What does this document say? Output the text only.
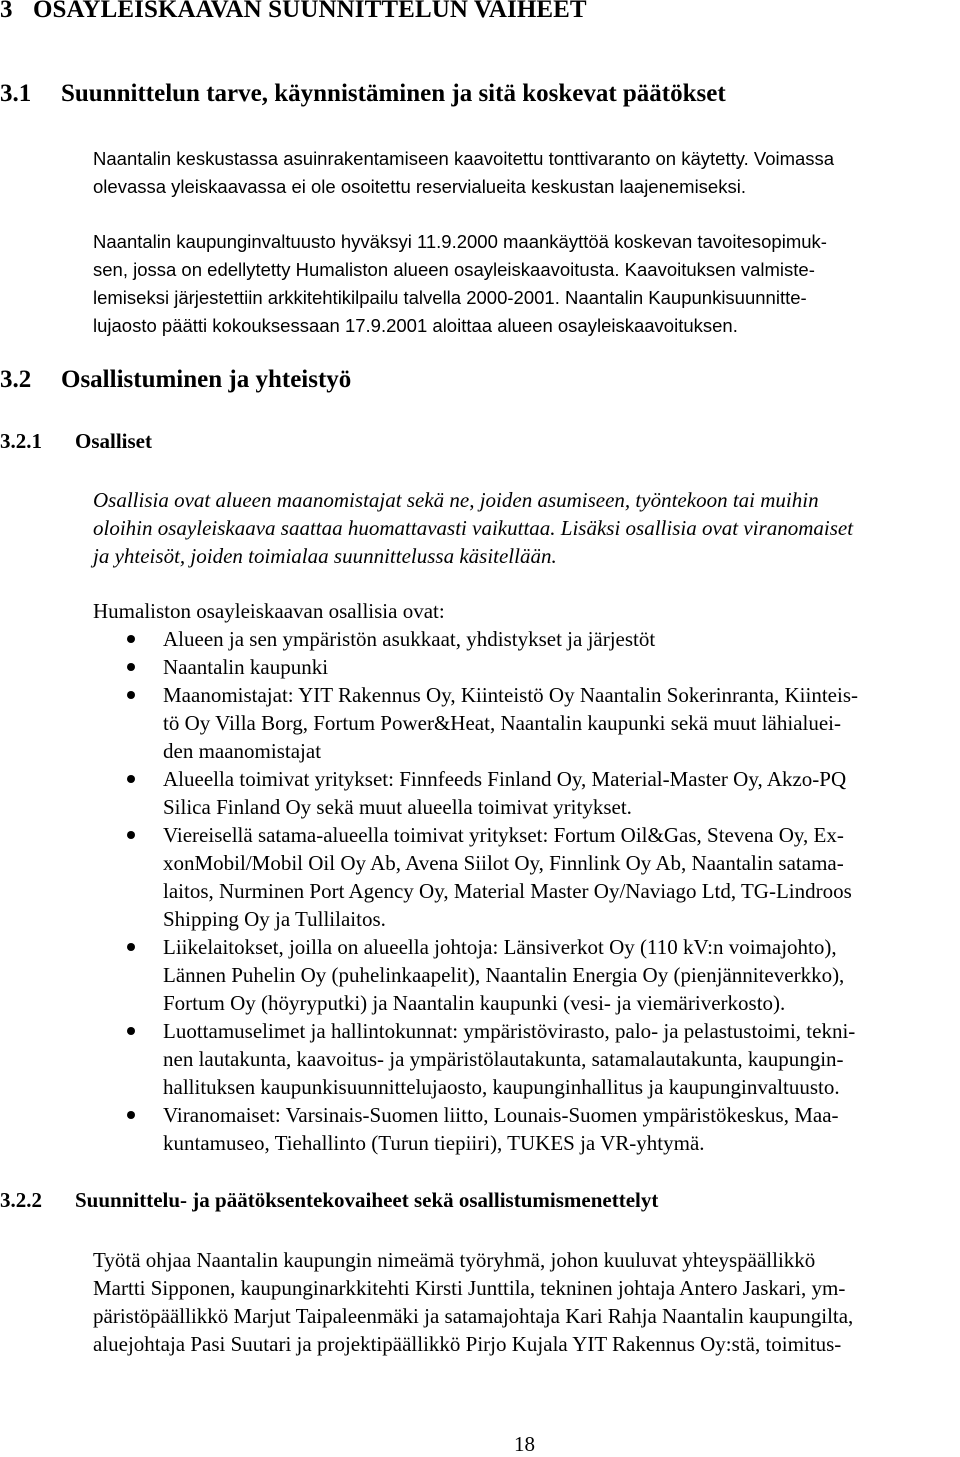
3 OSAYLEISKAAVAN SUUNNITTELUN VAIHEET
3.1 Suunnittelun tarve, käynnistäminen ja sitä koskevat päätökset
Naantalin keskustassa asuinrakentamiseen kaavoitettu tonttivaranto on käytetty. Voimassa
olevassa yleiskaavassa ei ole osoitettu reservialueita keskustan laajenemiseksi.
Naantalin kaupunginvaltuusto hyväksyi 11.9.2000 maankäyttöä koskevan tavoitesopimuk-
sen, jossa on edellytetty Humaliston alueen osayleiskaavoitusta. Kaavoituksen valmiste-
lemiseksi järjestettiin arkkitehtikilpailu talvella 2000-2001. Naantalin Kaupunkisuunnitte-
lujaosto päätti kokouksessaan 17.9.2001 aloittaa alueen osayleiskaavoituksen.
3.2 Osallistuminen ja yhteistyö
3.2.1 Osalliset
Osallisia ovat alueen maanomistajat sekä ne, joiden asumiseen, työntekoon tai muihin
oloihin osayleiskaava saattaa huomattavasti vaikuttaa. Lisäksi osallisia ovat viranomaiset
ja yhteisöt, joiden toimialaa suunnittelussa käsitellään.
Humaliston osayleiskaavan osallisia ovat:
Alueen ja sen ympäristön asukkaat, yhdistykset ja järjestöt
Naantalin kaupunki
Maanomistajat: YIT Rakennus Oy, Kiinteistö Oy Naantalin Sokerinranta, Kiinteis-
tö Oy Villa Borg, Fortum Power&Heat, Naantalin kaupunki sekä muut lähialuei-
den maanomistajat
Alueella toimivat yritykset: Finnfeeds Finland Oy, Material-Master Oy, Akzo-PQ
Silica Finland Oy sekä muut alueella toimivat yritykset.
Viereisellä satama-alueella toimivat yritykset: Fortum Oil&Gas, Stevena Oy, Ex-
xonMobil/Mobil Oil Oy Ab, Avena Siilot Oy, Finnlink Oy Ab, Naantalin satama-
laitos, Nurminen Port Agency Oy, Material Master Oy/Naviago Ltd, TG-Lindroos
Shipping Oy ja Tullilaitos.
Liikelaitokset, joilla on alueella johtoja: Länsiverkot Oy (110 kV:n voimajohto),
Lännen Puhelin Oy (puhelinkaapelit), Naantalin Energia Oy (pienjänniteverkko),
Fortum Oy (höyryputki) ja Naantalin kaupunki (vesi- ja viemäriverkosto).
Luottamuselimet ja hallintokunnat: ympäristövirasto, palo- ja pelastustoimi, tekni-
nen lautakunta, kaavoitus- ja ympäristölautakunta, satamalautakunta, kaupungin-
hallituksen kaupunkisuunnittelujaosto, kaupunginhallitus ja kaupunginvaltuusto.
Viranomaiset: Varsinais-Suomen liitto, Lounais-Suomen ympäristökeskus, Maa-
kuntamuseo, Tiehallinto (Turun tiepiiri), TUKES ja VR-yhtymä.
3.2.2 Suunnittelu- ja päätöksentekovaiheet sekä osallistumismenettelyt
Työtä ohjaa Naantalin kaupungin nimeämä työryhmä, johon kuuluvat yhteyspäällikkö
Martti Sipponen, kaupunginarkkitehti Kirsti Junttila, tekninen johtaja Antero Jaskari, ym-
päristöpäällikkö Marjut Taipaleenmäki ja satamajohtaja Kari Rahja Naantalin kaupungilta,
aluejohtaja Pasi Suutari ja projektipäällikkö Pirjo Kujala YIT Rakennus Oy:stä, toimitus-
18
